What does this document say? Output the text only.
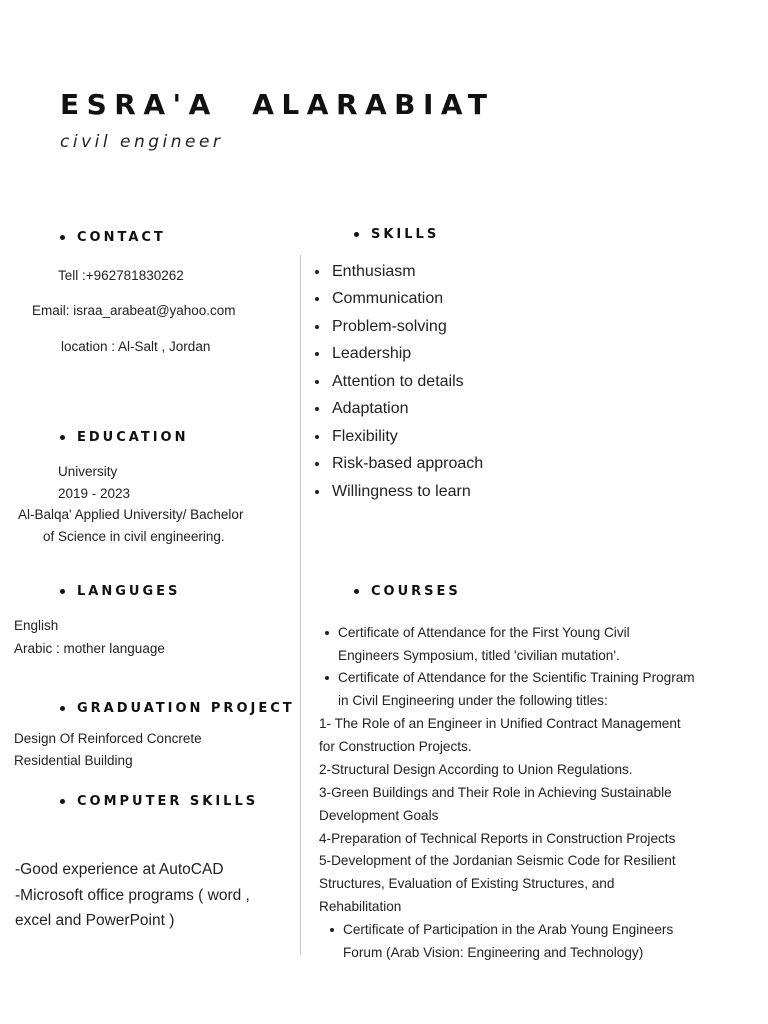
ESRA'A  ALARABIAT
civil engineer
CONTACT
Tell :+962781830262
Email: israa_arabeat@yahoo.com
location : Al-Salt , Jordan
EDUCATION
University
2019 - 2023
Al-Balqa' Applied University/ Bachelor
of Science in civil engineering.
LANGUGES
English
Arabic : mother language
GRADUATION PROJECT
Design Of Reinforced Concrete
Residential Building
COMPUTER SKILLS
-Good experience at AutoCAD
-Microsoft office programs ( word ,
excel and PowerPoint )
SKILLS
Enthusiasm
Communication
Problem-solving
Leadership
Attention to details
Adaptation
Flexibility
Risk-based approach
Willingness to learn
COURSES
Certificate of Attendance for the First Young Civil
Engineers Symposium, titled 'civilian mutation'.
Certificate of Attendance for the Scientific Training Program
in Civil Engineering under the following titles:
1- The Role of an Engineer in Unified Contract Management
for Construction Projects.
2-Structural Design According to Union Regulations.
3-Green Buildings and Their Role in Achieving Sustainable
Development Goals
4-Preparation of Technical Reports in Construction Projects
5-Development of the Jordanian Seismic Code for Resilient
Structures, Evaluation of Existing Structures, and
Rehabilitation
Certificate of Participation in the Arab Young Engineers
Forum (Arab Vision: Engineering and Technology)
